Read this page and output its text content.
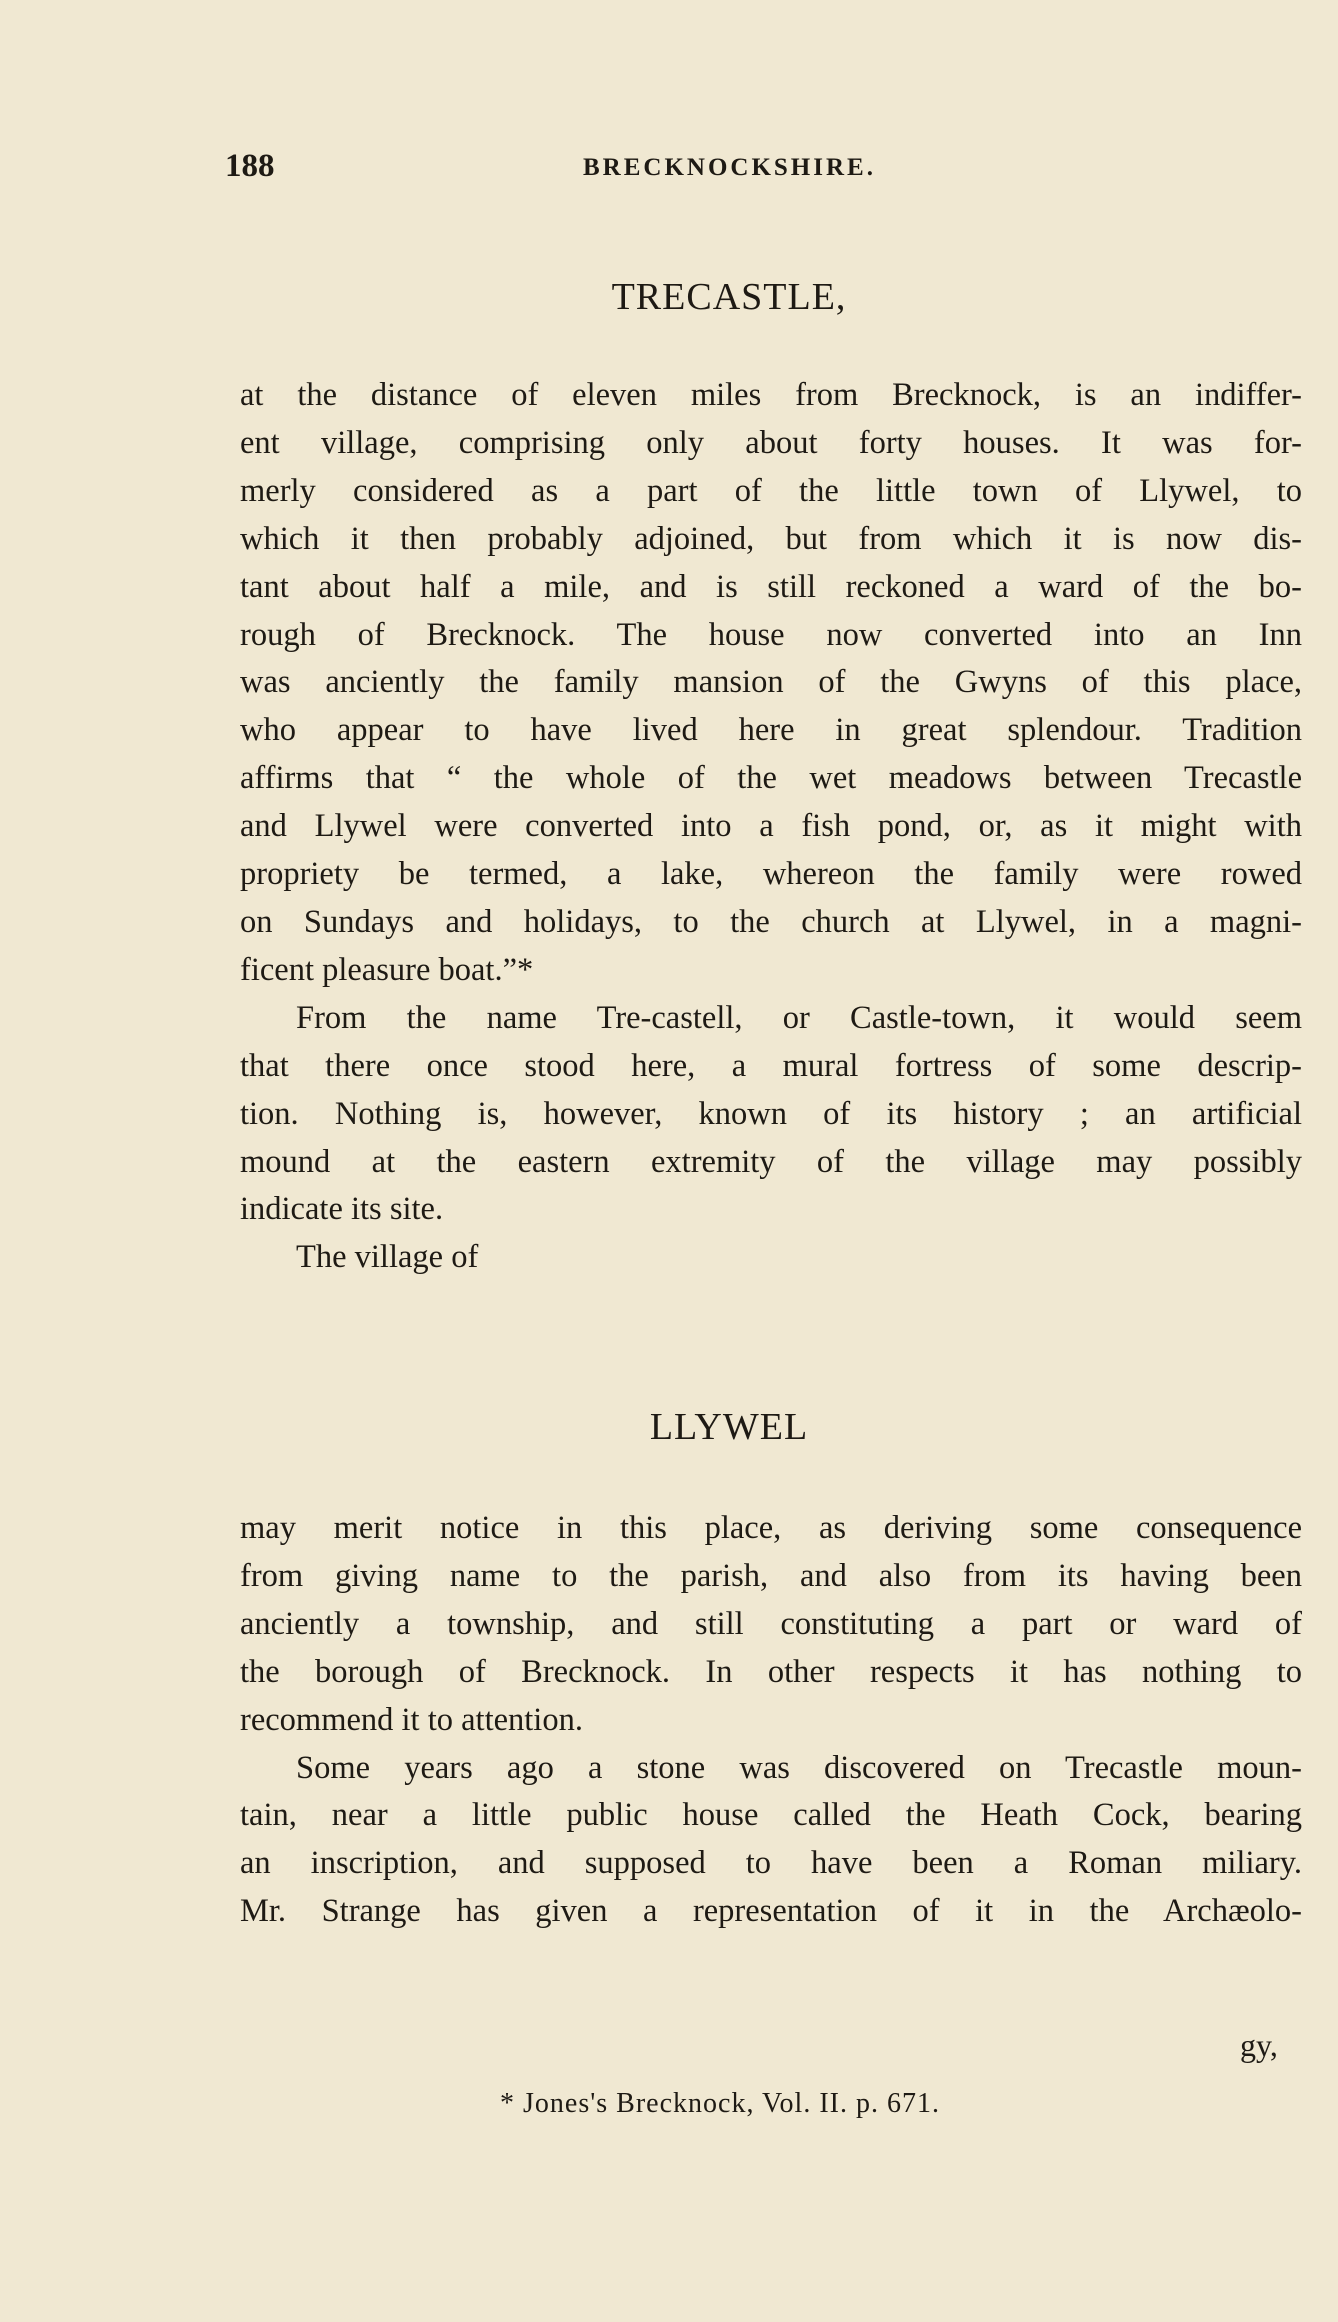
188	BRECKNOCKSHIRE.
TRECASTLE,

at the distance of eleven miles from Brecknock, is an indiffer-

ent village, comprising only about forty houses. It was for-

merly considered as a part of the little town of Llywel, to

which it then probably adjoined, but from which it is now dis-

tant about half a mile, and is still reckoned a ward of the bo-

rough of Brecknock. The house now converted into an Inn

was anciently the family mansion of the Gwyns of this place,

who appear to have lived here in great splendour. Tradition

affirms that “ the whole of the wet meadows between Trecastle

and Llywel were converted into a fish pond, or, as it might with

propriety be termed, a lake, whereon the family were rowed

on Sundays and holidays, to the church at Llywel, in a magni-

ficent pleasure boat.”*

From the name Tre-castell, or Castle-town, it would seem

that there once stood here, a mural fortress of some descrip-

tion. Nothing is, however, known of its history ; an artificial

mound at the eastern extremity of the village may possibly

indicate its site.

The village of

LLYWEL

may merit notice in this place, as deriving some consequence

from giving name to the parish, and also from its having been

anciently a township, and still constituting a part or ward of

the borough of Brecknock. In other respects it has nothing to

recommend it to attention.

Some years ago a stone was discovered on Trecastle moun-

tain, near a little public house called the Heath Cock, bearing

an inscription, and supposed to have been a Roman miliary.

Mr. Strange has given a representation of it in the Archæolo-

gy,
* Jones's Brecknock, Vol. II. p. 671.
